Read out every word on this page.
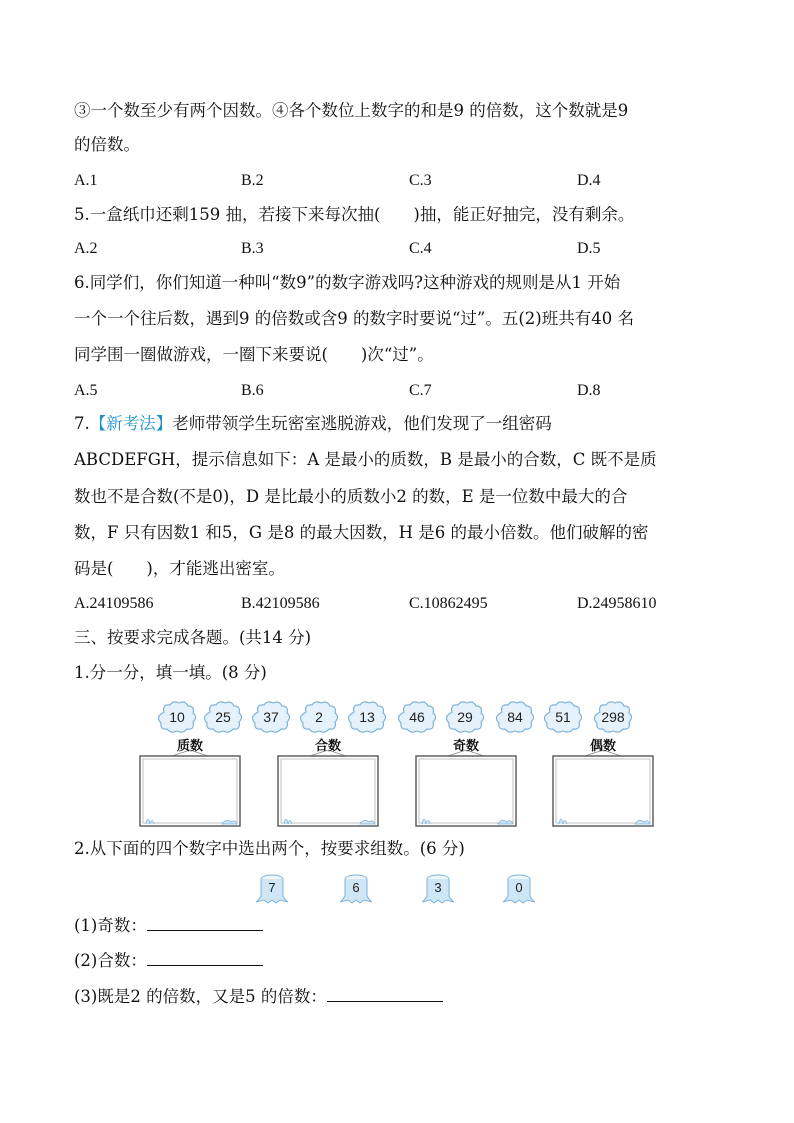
③一个数至少有两个因数。④各个数位上数字的和是9 的倍数，这个数就是9
的倍数。
A.1	B.2	C.3	D.4
5.一盒纸巾还剩159 抽，若接下来每次抽(　　)抽，能正好抽完，没有剩余。
A.2	B.3	C.4	D.5
6.同学们，你们知道一种叫“数9”的数字游戏吗?这种游戏的规则是从1 开始
一个一个往后数，遇到9 的倍数或含9 的数字时要说“过”。五(2)班共有40 名
同学围一圈做游戏，一圈下来要说(　　)次“过”。
A.5	B.6	C.7	D.8
7.【新考法】老师带领学生玩密室逃脱游戏，他们发现了一组密码
ABCDEFGH，提示信息如下：A 是最小的质数，B 是最小的合数，C 既不是质
数也不是合数(不是0)，D 是比最小的质数小2 的数，E 是一位数中最大的合
数，F 只有因数1 和5，G 是8 的最大因数，H 是6 的最小倍数。他们破解的密
码是(　　)，才能逃出密室。
A.24109586	B.42109586	C.10862495	D.24958610
三、按要求完成各题。(共14 分)
1.分一分，填一填。(8 分)
10	25	37	2	13	46	29	84	51	298
质数	合数	奇数	偶数
2.从下面的四个数字中选出两个，按要求组数。(6 分)
7	6	3	0
(1)奇数：
(2)合数：
(3)既是2 的倍数，又是5 的倍数：
